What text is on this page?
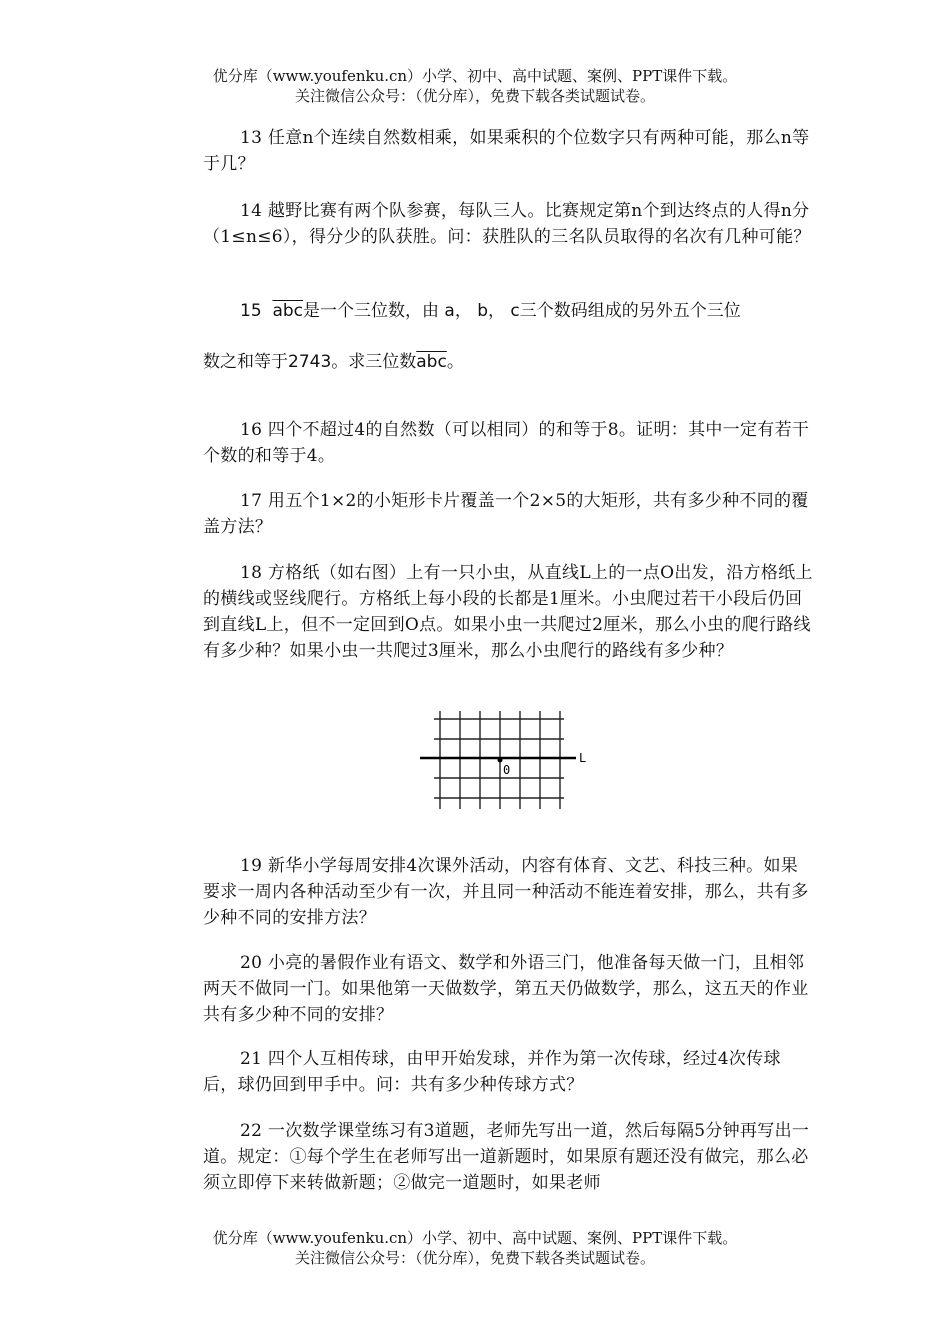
优分库（www.youfenku.cn）小学、初中、高中试题、案例、PPT课件下载。
关注微信公众号：（优分库），免费下载各类试题试卷。

13 任意n个连续自然数相乘，如果乘积的个位数字只有两种可能，那么n等于几？

14 越野比赛有两个队参赛，每队三人。比赛规定第n个到达终点的人得n分（1≤n≤6），得分少的队获胜。问：获胜队的三名队员取得的名次有几种可能？

15 $\overline{abc}$是一个三位数，由 a， b， c三个数码组成的另外五个三位
数之和等于2743。求三位数$\overline{abc}$。

16 四个不超过4的自然数（可以相同）的和等于8。证明：其中一定有若干个数的和等于4。

17 用五个1×2的小矩形卡片覆盖一个2×5的大矩形，共有多少种不同的覆盖方法？

18 方格纸（如右图）上有一只小虫，从直线L上的一点O出发，沿方格纸上的横线或竖线爬行。方格纸上每小段的长都是1厘米。小虫爬过若干小段后仍回到直线L上，但不一定回到O点。如果小虫一共爬过2厘米，那么小虫的爬行路线有多少种？如果小虫一共爬过3厘米，那么小虫爬行的路线有多少种？

0
L

19 新华小学每周安排4次课外活动，内容有体育、文艺、科技三种。如果要求一周内各种活动至少有一次，并且同一种活动不能连着安排，那么，共有多少种不同的安排方法？

20 小亮的暑假作业有语文、数学和外语三门，他准备每天做一门，且相邻两天不做同一门。如果他第一天做数学，第五天仍做数学，那么，这五天的作业共有多少种不同的安排？

21 四个人互相传球，由甲开始发球，并作为第一次传球，经过4次传球后，球仍回到甲手中。问：共有多少种传球方式？

22 一次数学课堂练习有3道题，老师先写出一道，然后每隔5分钟再写出一道。规定：①每个学生在老师写出一道新题时，如果原有题还没有做完，那么必须立即停下来转做新题；②做完一道题时，如果老师

优分库（www.youfenku.cn）小学、初中、高中试题、案例、PPT课件下载。
关注微信公众号：（优分库），免费下载各类试题试卷。
